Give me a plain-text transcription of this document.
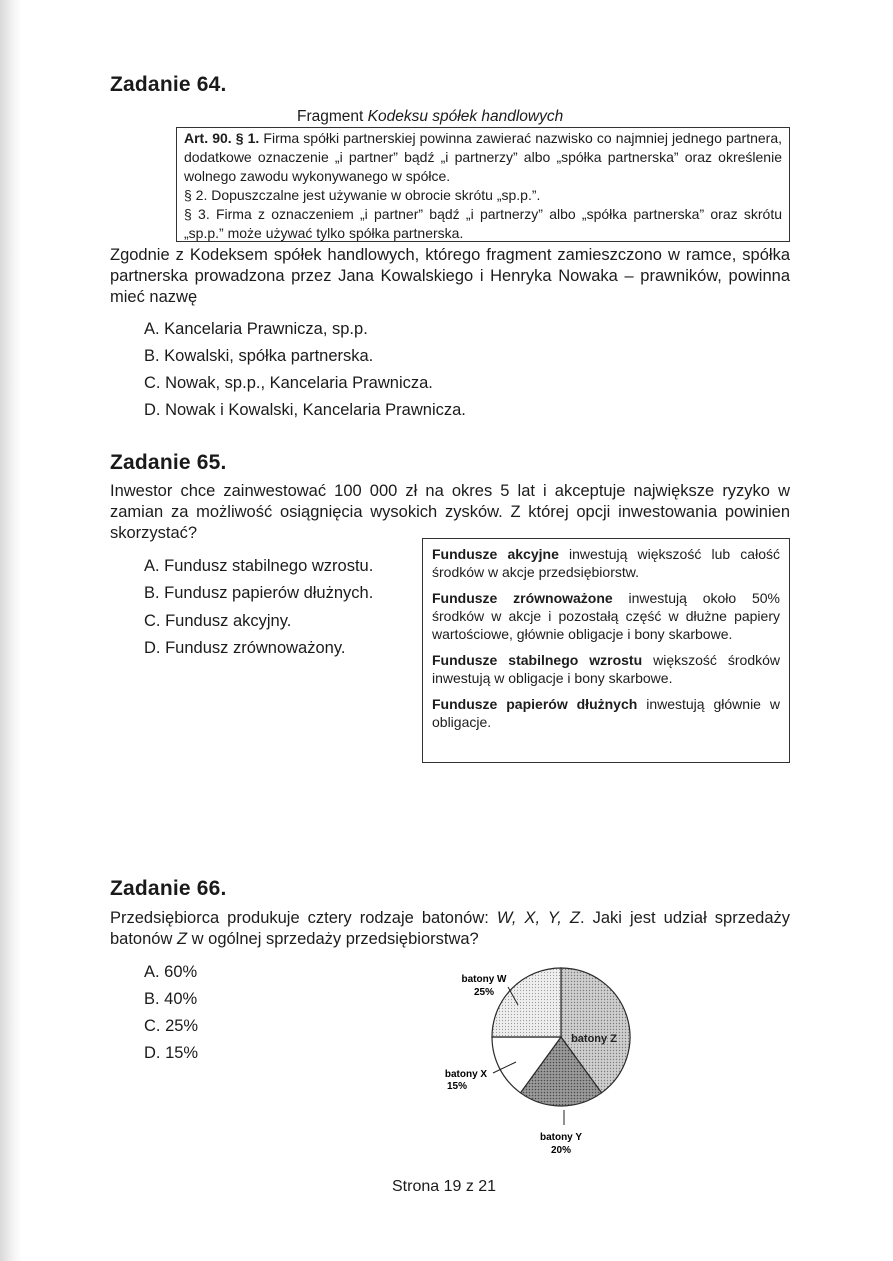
Zadanie 64.
Fragment Kodeksu spółek handlowych

Art. 90. § 1. Firma spółki partnerskiej powinna zawierać nazwisko co najmniej jednego partnera, dodatkowe oznaczenie „i partner” bądź „i partnerzy” albo „spółka partnerska” oraz określenie wolnego zawodu wykonywanego w spółce.

§ 2. Dopuszczalne jest używanie w obrocie skrótu „sp.p.”.

§ 3. Firma z oznaczeniem „i partner” bądź „i partnerzy” albo „spółka partnerska” oraz skrótu „sp.p.” może używać tylko spółka partnerska.

Zgodnie z Kodeksem spółek handlowych, którego fragment zamieszczono w ramce, spółka partnerska prowadzona przez Jana Kowalskiego i Henryka Nowaka – prawników, powinna mieć nazwę

A. Kancelaria Prawnicza, sp.p.
B. Kowalski, spółka partnerska.
C. Nowak, sp.p., Kancelaria Prawnicza.
D. Nowak i Kowalski, Kancelaria Prawnicza.
Zadanie 65.

Inwestor chce zainwestować 100 000 zł na okres 5 lat i akceptuje największe ryzyko w zamian za możliwość osiągnięcia wysokich zysków. Z której opcji inwestowania powinien skorzystać?

A. Fundusz stabilnego wzrostu.
B. Fundusz papierów dłużnych.
C. Fundusz akcyjny.
D. Fundusz zrównoważony.

Fundusze akcyjne inwestują większość lub całość środków w akcje przedsiębiorstw.

Fundusze zrównoważone inwestują około 50% środków w akcje i pozostałą część w dłużne papiery wartościowe, głównie obligacje i bony skarbowe.

Fundusze stabilnego wzrostu większość środków inwestują w obligacje i bony skarbowe.

Fundusze papierów dłużnych inwestują głównie w obligacje.

Zadanie 66.

Przedsiębiorca produkuje cztery rodzaje batonów: W, X, Y, Z. Jaki jest udział sprzedaży batonów Z w ogólnej sprzedaży przedsiębiorstwa?

A. 60%
B. 40%
C. 25%
D. 15%
batony W
25%
batony Z
batony X
15%
batony Y
20%
Strona 19 z 21
